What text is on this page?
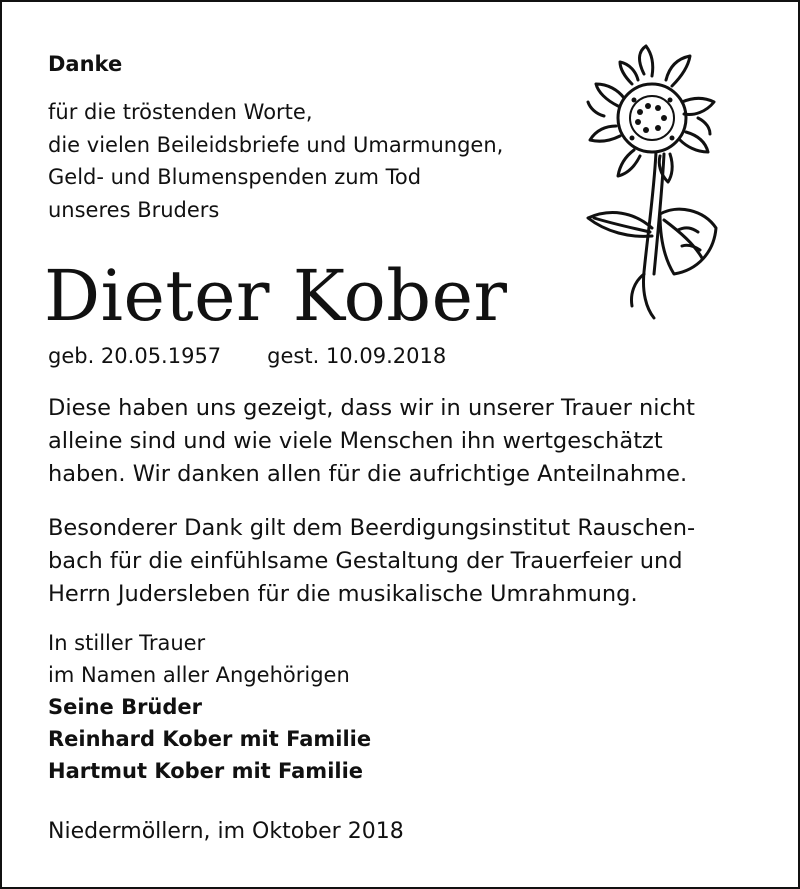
Danke
für die tröstenden Worte,
die vielen Beileidsbriefe und Umarmungen,
Geld- und Blumenspenden zum Tod
unseres Bruders
Dieter Kober
geb. 20.05.1957 gest. 10.09.2018
Diese haben uns gezeigt, dass wir in unserer Trauer nicht
alleine sind und wie viele Menschen ihn wertgeschätzt
haben. Wir danken allen für die aufrichtige Anteilnahme.
Besonderer Dank gilt dem Beerdigungsinstitut Rauschen-
bach für die einfühlsame Gestaltung der Trauerfeier und
Herrn Judersleben für die musikalische Umrahmung.
In stiller Trauer
im Namen aller Angehörigen
Seine Brüder
Reinhard Kober mit Familie
Hartmut Kober mit Familie
Niedermöllern, im Oktober 2018
